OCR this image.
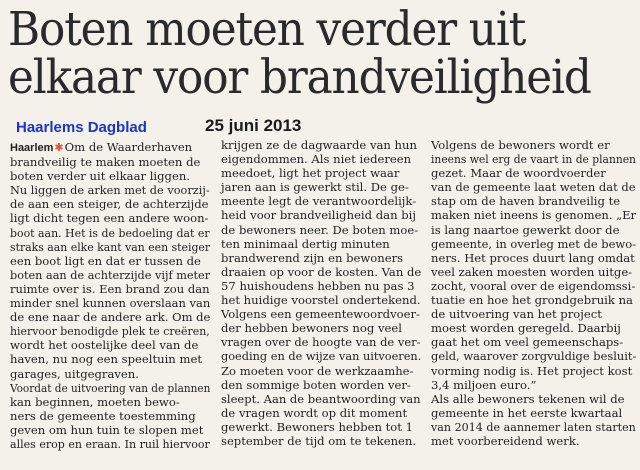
Boten moeten verder uit
elkaar voor brandveiligheid
Haarlems Dagblad	25 juni 2013
Haarlem✱Om de Waarderhaven
brandveilig te maken moeten de
boten verder uit elkaar liggen.
Nu liggen de arken met de voorzij-
de aan een steiger, de achterzijde
ligt dicht tegen een andere woon-
boot aan. Het is de bedoeling dat er
straks aan elke kant van een steiger
een boot ligt en dat er tussen de
boten aan de achterzijde vijf meter
ruimte over is. Een brand zou dan
minder snel kunnen overslaan van
de ene naar de andere ark. Om de
hiervoor benodigde plek te creëren,
wordt het oostelijke deel van de
haven, nu nog een speeltuin met
garages, uitgegraven.
Voordat de uitvoering van de plannen
kan beginnen, moeten bewo-
ners de gemeente toestemming
geven om hun tuin te slopen met
alles erop en eraan. In ruil hiervoor
krijgen ze de dagwaarde van hun
eigendommen. Als niet iedereen
meedoet, ligt het project waar
jaren aan is gewerkt stil. De ge-
meente legt de verantwoordelijk-
heid voor brandveiligheid dan bij
de bewoners neer. De boten moe-
ten minimaal dertig minuten
brandwerend zijn en bewoners
draaien op voor de kosten. Van de
57 huishoudens hebben nu pas 3
het huidige voorstel ondertekend.
Volgens een gemeentewoordvoer-
der hebben bewoners nog veel
vragen over de hoogte van de ver-
goeding en de wijze van uitvoeren.
Zo moeten voor de werkzaamhe-
den sommige boten worden ver-
sleept. Aan de beantwoording van
de vragen wordt op dit moment
gewerkt. Bewoners hebben tot 1
september de tijd om te tekenen.
Volgens de bewoners wordt er
ineens wel erg de vaart in de plannen
gezet. Maar de woordvoerder
van de gemeente laat weten dat de
stap om de haven brandveilig te
maken niet ineens is genomen. „Er
is lang naartoe gewerkt door de
gemeente, in overleg met de bewo-
ners. Het proces duurt lang omdat
veel zaken moesten worden uitge-
zocht, vooral over de eigendomssi-
tuatie en hoe het grondgebruik na
de uitvoering van het project
moest worden geregeld. Daarbij
gaat het om veel gemeenschaps-
geld, waarover zorgvuldige besluit-
vorming nodig is. Het project kost
3,4 miljoen euro.”
Als alle bewoners tekenen wil de
gemeente in het eerste kwartaal
van 2014 de aannemer laten starten
met voorbereidend werk.
